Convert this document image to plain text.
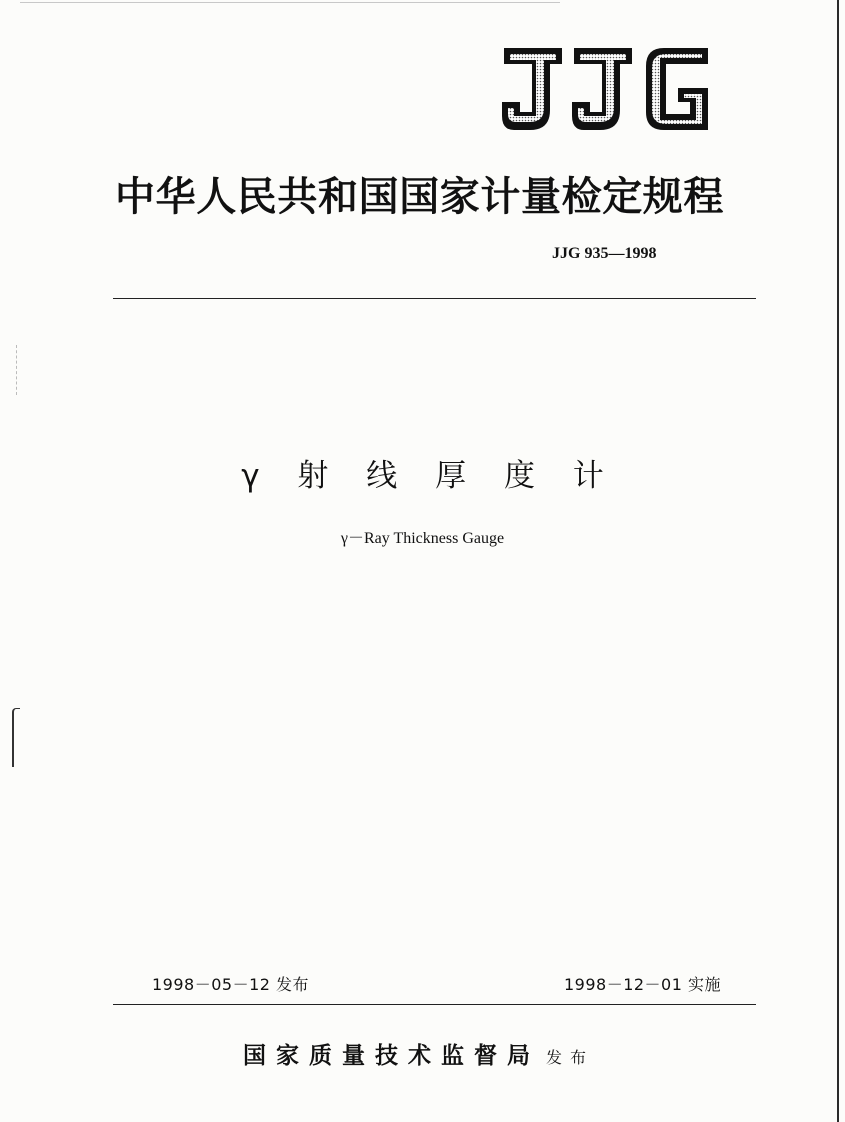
中华人民共和国国家计量检定规程
JJG 935—1998
γ 射 线 厚 度 计
γ－Ray Thickness Gauge
1998－05－12 发布	1998－12－01 实施
国家质量技术监督局 发布
